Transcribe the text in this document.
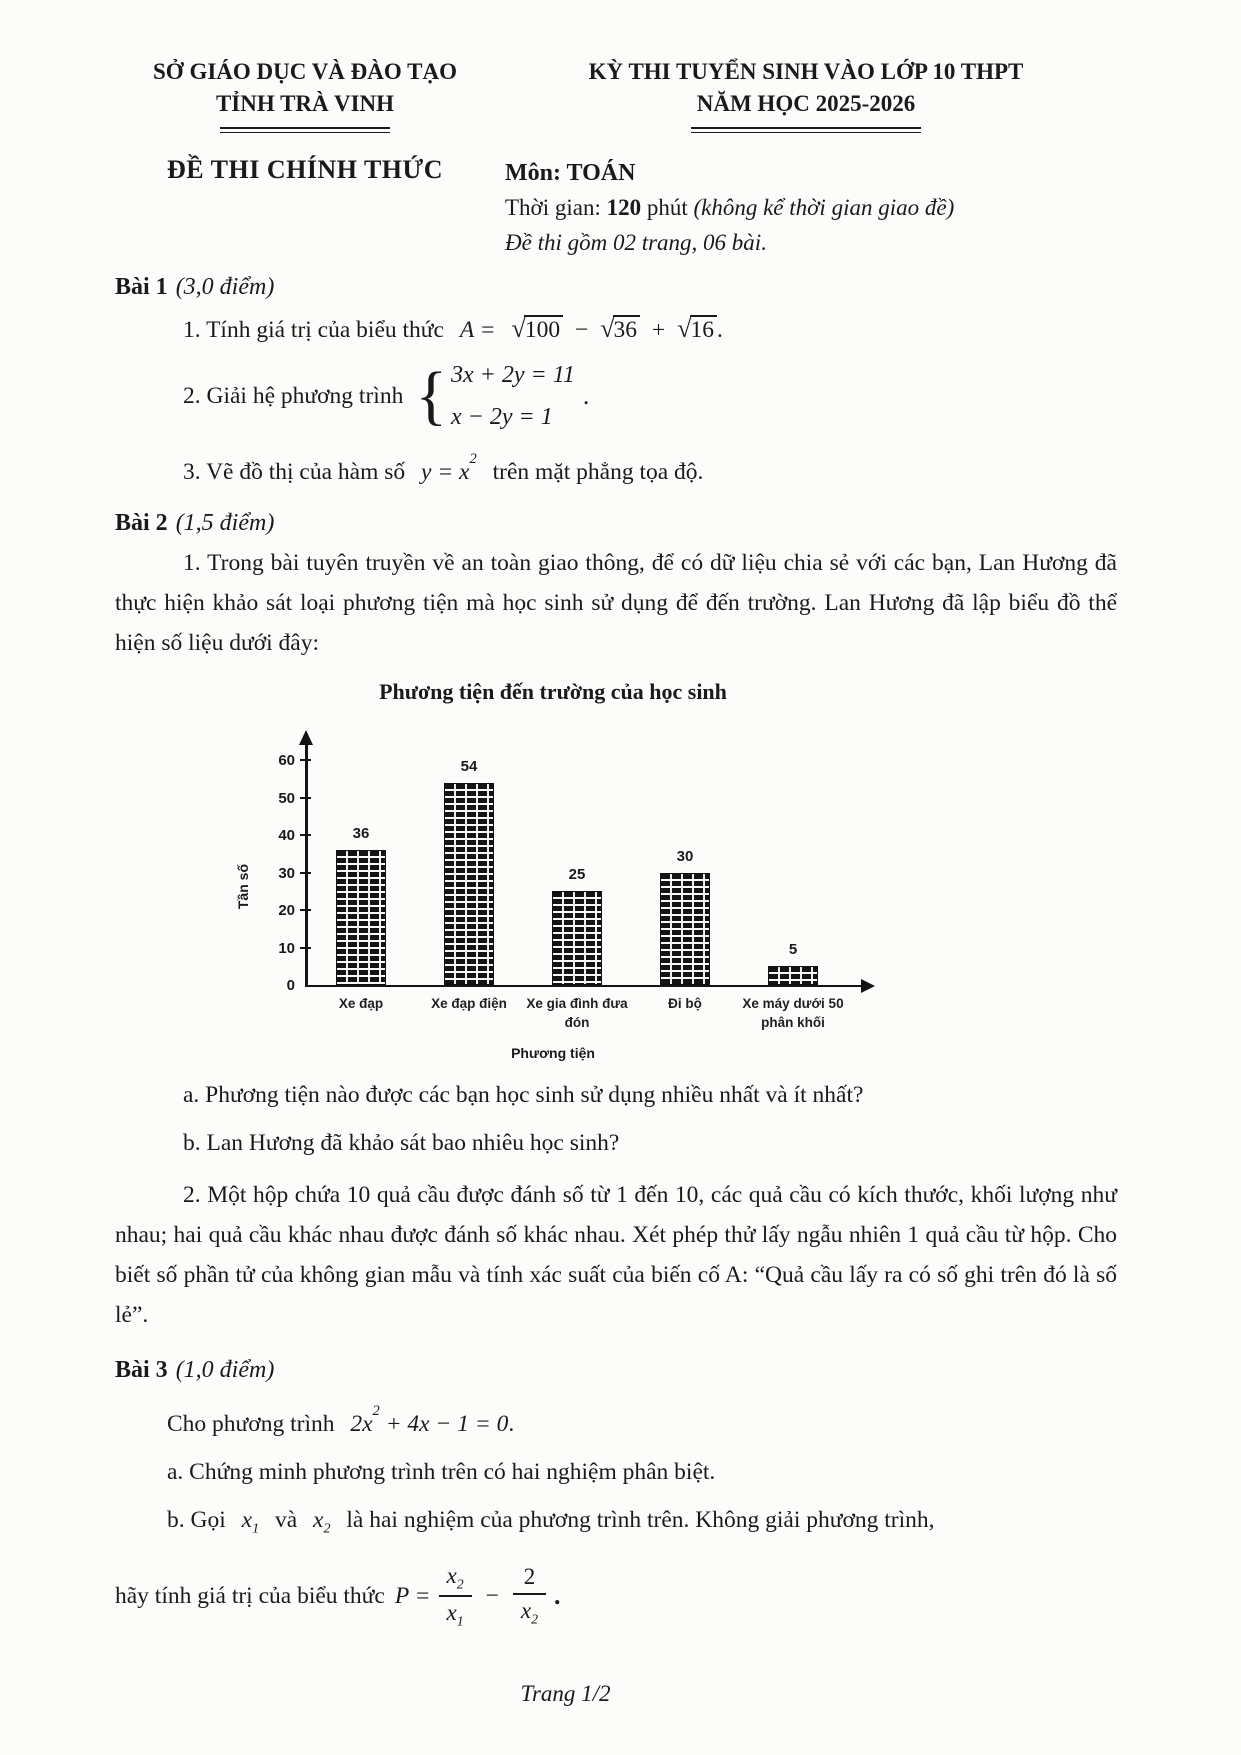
SỞ GIÁO DỤC VÀ ĐÀO TẠO
TỈNH TRÀ VINH
KỲ THI TUYỂN SINH VÀO LỚP 10 THPT
NĂM HỌC 2025-2026
ĐỀ THI CHÍNH THỨC	Môn: TOÁN
Thời gian: 120 phút (không kể thời gian giao đề)
Đề thi gồm 02 trang, 06 bài.
Bài 1 (3,0 điểm)
1. Tính giá trị của biểu thức A = √100 − √36 + √16 .
2. Giải hệ phương trình { 3x + 2y = 11
x − 2y = 1
.
3. Vẽ đồ thị của hàm số $y = x^2$ trên mặt phẳng tọa độ.
Bài 2 (1,5 điểm)

1. Trong bài tuyên truyền về an toàn giao thông, để có dữ liệu chia sẻ với các bạn, Lan Hương đã thực hiện khảo sát loại phương tiện mà học sinh sử dụng để đến trường. Lan Hương đã lập biểu đồ thể hiện số liệu dưới đây:

Phương tiện đến trường của học sinh
Tần số
0
10
20
30
40
50
60
36
54
25
30
5
Xe đạp	Xe đạp điện	Xe gia đình đưa đón
Đi bộ	Xe máy dưới 50 phân khối
Phương tiện
a. Phương tiện nào được các bạn học sinh sử dụng nhiều nhất và ít nhất?
b. Lan Hương đã khảo sát bao nhiêu học sinh?

2. Một hộp chứa 10 quả cầu được đánh số từ 1 đến 10, các quả cầu có kích thước, khối lượng như nhau; hai quả cầu khác nhau được đánh số khác nhau. Xét phép thử lấy ngẫu nhiên 1 quả cầu từ hộp. Cho biết số phần tử của không gian mẫu và tính xác suất của biến cố A: “Quả cầu lấy ra có số ghi trên đó là số lẻ”.

Bài 3 (1,0 điểm)
Cho phương trình $2x^2 + 4x - 1 = 0$.
a. Chứng minh phương trình trên có hai nghiệm phân biệt.
b. Gọi $x_1$ và $x_2$ là hai nghiệm của phương trình trên. Không giải phương trình,
hãy tính giá trị của biểu thức $P = \frac{x_2}{x_1} - \frac{2}{x_2}$ .
Trang 1/2
